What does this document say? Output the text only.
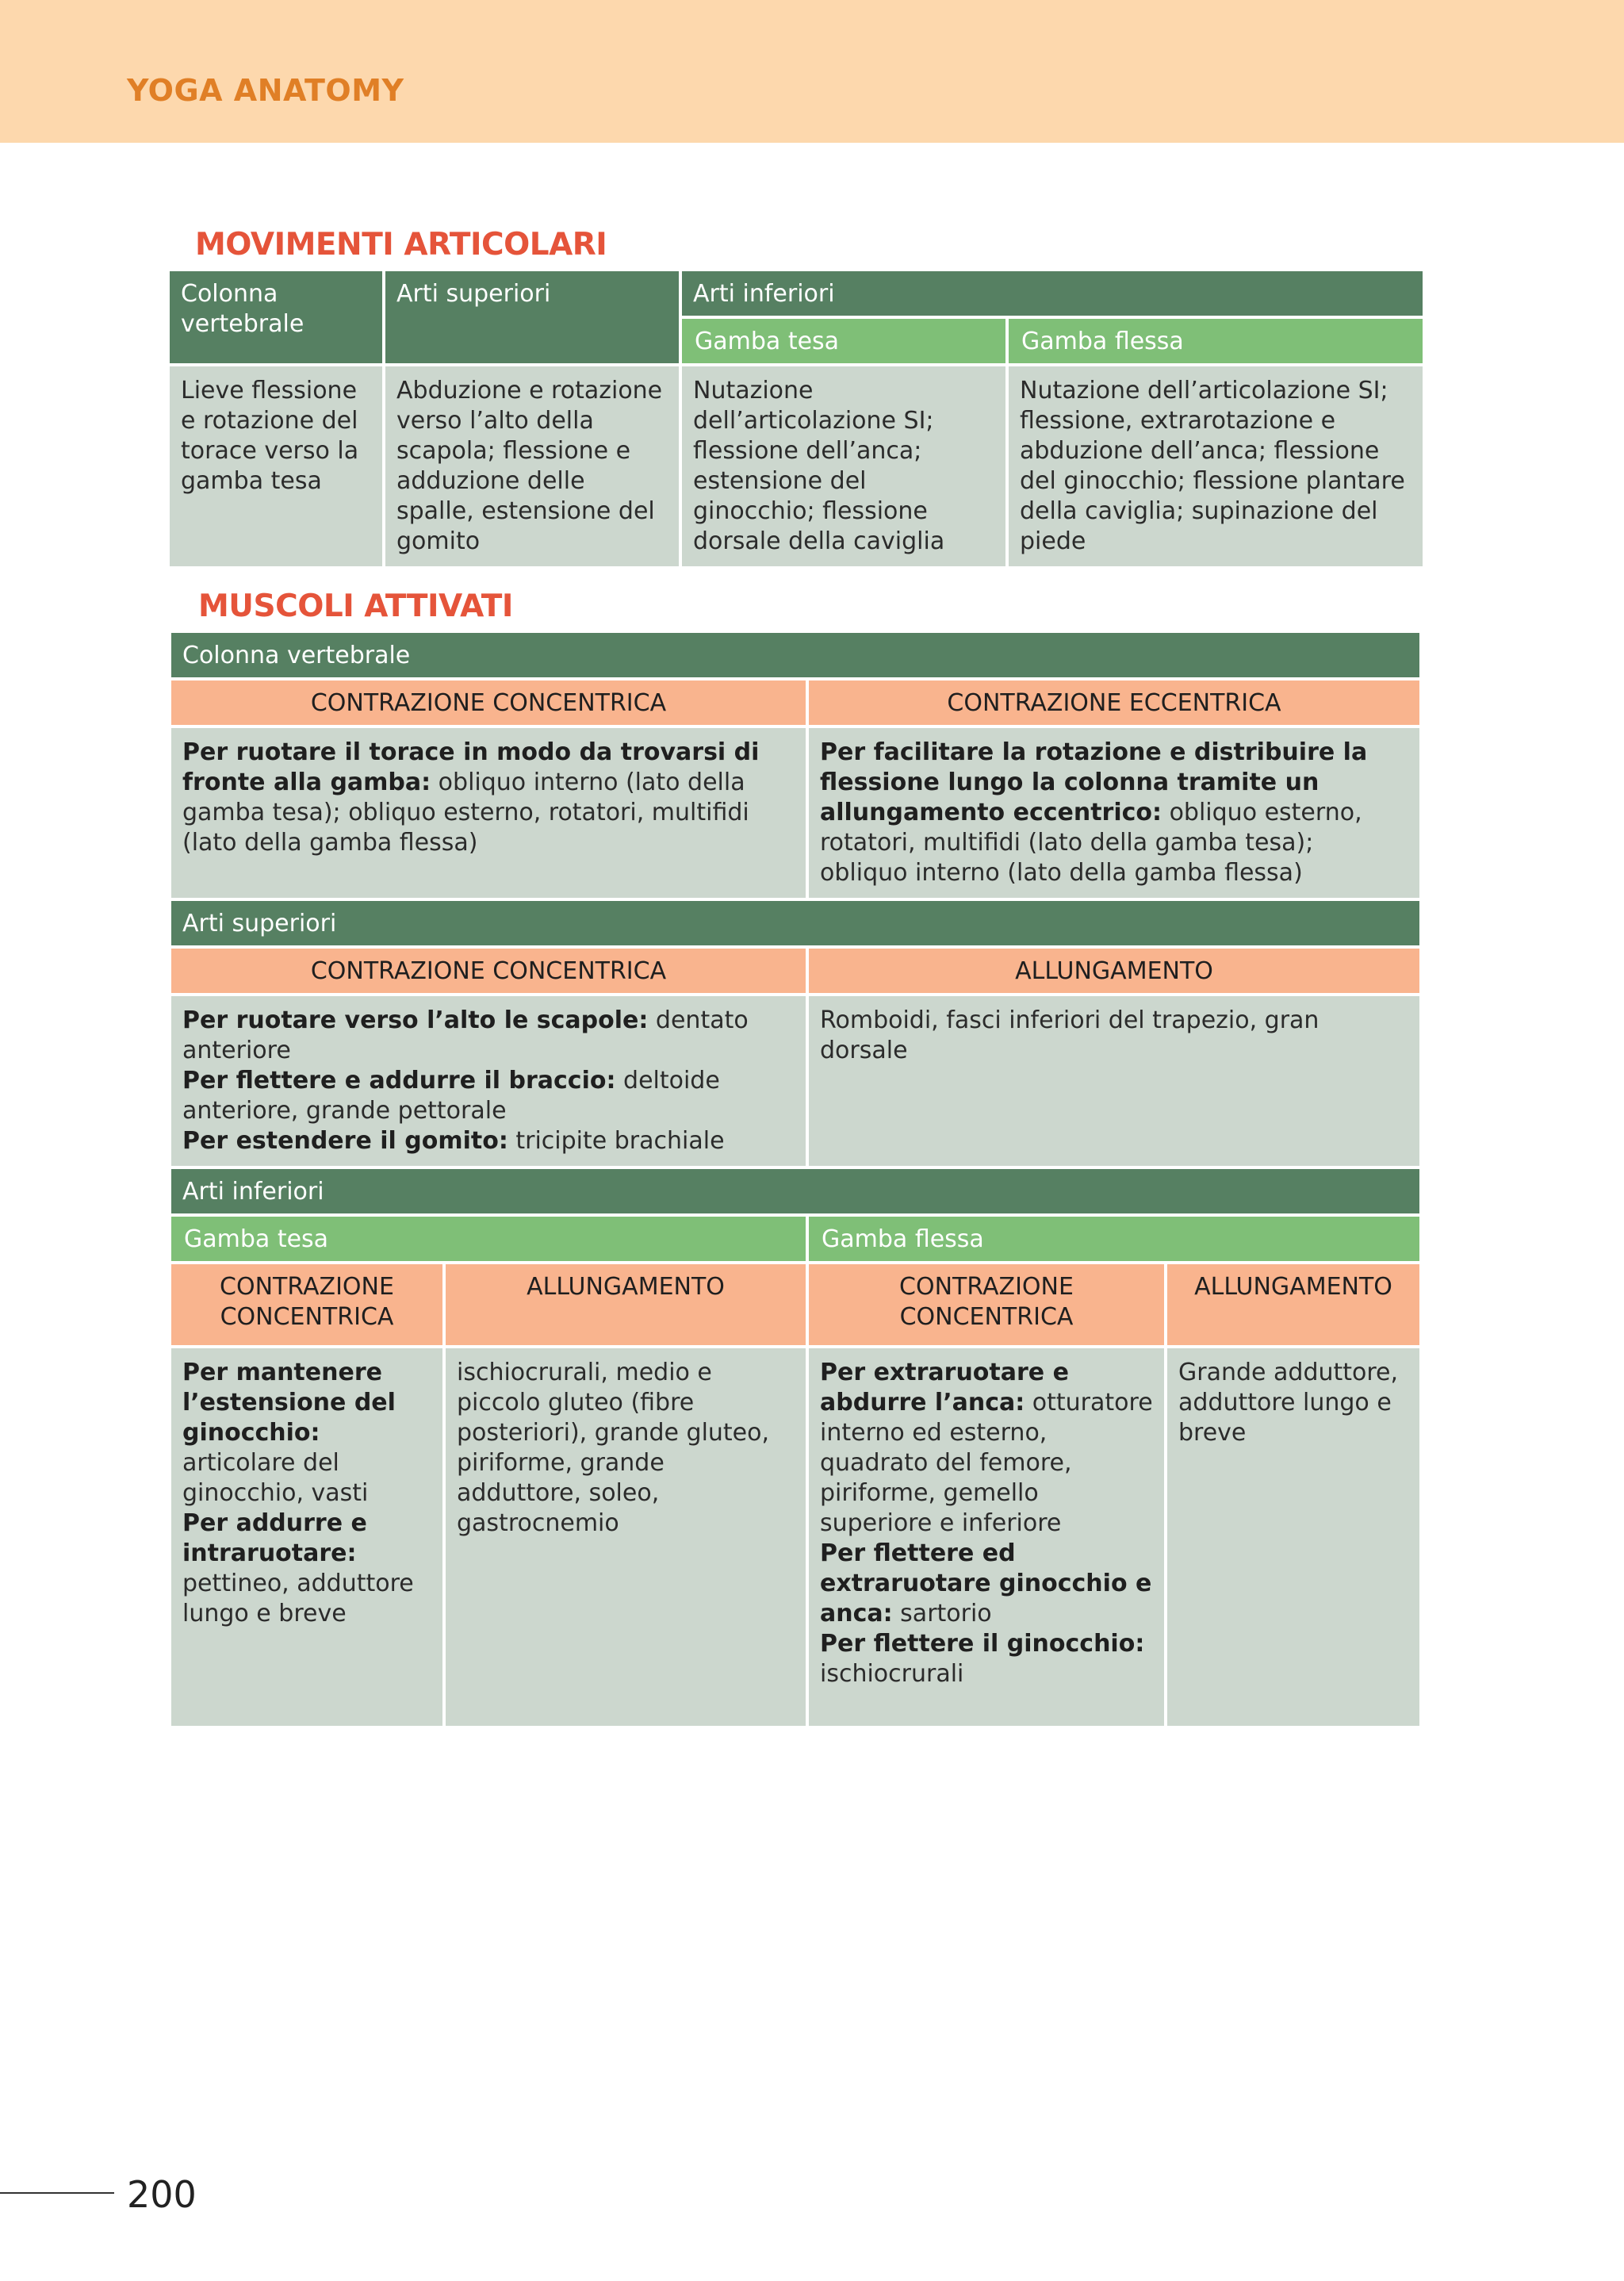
YOGA ANATOMY
MOVIMENTI ARTICOLARI
Colonna vertebrale	Arti superiori	Arti inferiori	
		Gamba tesa	Gamba flessa
Lieve flessione e rotazione del torace verso la gamba tesa	Abduzione e rotazione verso l’alto della scapola; flessione e adduzione delle spalle, estensione del gomito	Nutazione dell’articolazione SI; flessione dell’anca; estensione del ginocchio; flessione dorsale della caviglia	Nutazione dell’articolazione SI; flessione, extrarotazione e abduzione dell’anca; flessione del ginocchio; flessione plantare della caviglia; supinazione del piede
MUSCOLI ATTIVATI
Colonna vertebrale			
CONTRAZIONE CONCENTRICA		CONTRAZIONE ECCENTRICA	
Per ruotare il torace in modo da trovarsi di fronte alla gamba: obliquo interno (lato della gamba tesa); obliquo esterno, rotatori, multifidi (lato della gamba flessa)		Per facilitare la rotazione e distribuire la flessione lungo la colonna tramite un allungamento eccentrico: obliquo esterno, rotatori, multifidi (lato della gamba tesa); obliquo interno (lato della gamba flessa)	
Arti superiori			
CONTRAZIONE CONCENTRICA		ALLUNGAMENTO	

Per ruotare verso l’alto le scapole: dentato anteriore
Per flettere e addurre il braccio: deltoide anteriore, grande pettorale
Per estendere il gomito: tricipite brachiale		Romboidi, fasci inferiori del trapezio, gran dorsale	
Arti inferiori			
Gamba tesa		Gamba flessa	
CONTRAZIONE CONCENTRICA	ALLUNGAMENTO	CONTRAZIONE CONCENTRICA	ALLUNGAMENTO

Per mantenere l’estensione del ginocchio: articolare del ginocchio, vasti
Per addurre e intraruotare: pettineo, adduttore lungo e breve	ischiocrurali, medio e piccolo gluteo (fibre posteriori), grande gluteo, piriforme, grande adduttore, soleo, gastrocnemio	Per extraruotare e abdurre l’anca: otturatore interno ed esterno, quadrato del femore, piriforme, gemello superiore e inferiore
Per flettere ed extraruotare ginocchio e anca: sartorio
Per flettere il ginocchio: ischiocrurali	Grande adduttore, adduttore lungo e breve
200
